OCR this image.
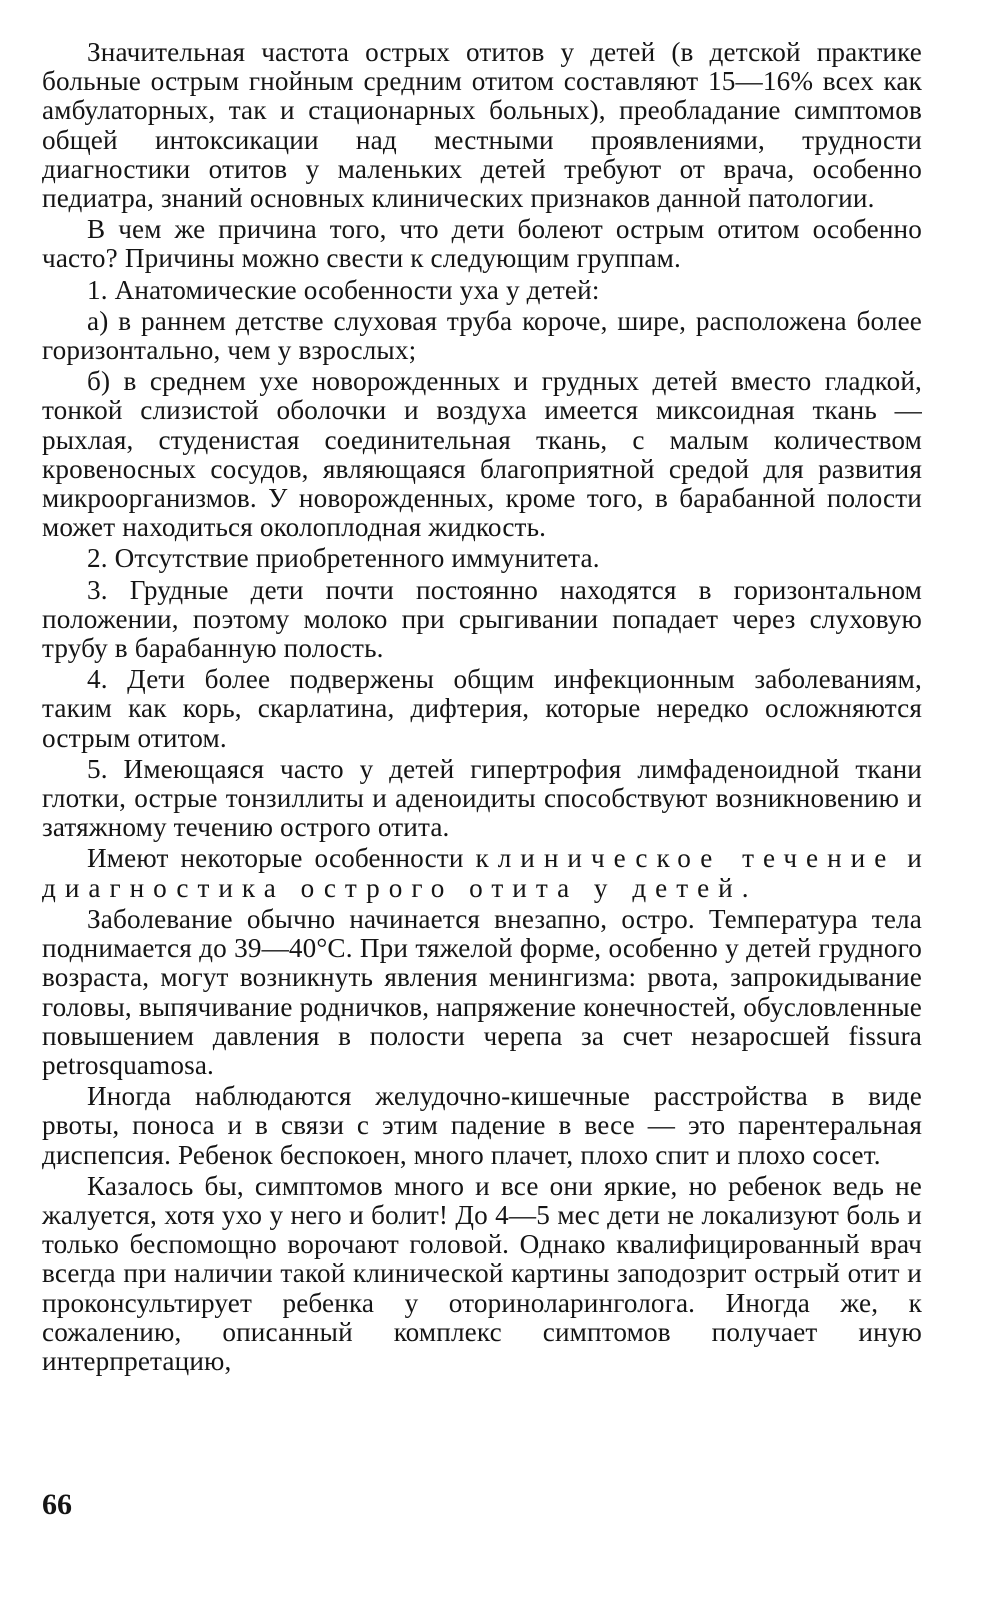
Значительная частота острых отитов у детей (в детской практике больные острым гнойным средним отитом составляют 15—16% всех как амбулаторных, так и стационарных больных), преобладание симптомов общей интоксикации над местными проявлениями, трудности диагностики отитов у маленьких детей требуют от врача, особенно педиатра, знаний основных клинических признаков данной патологии.

В чем же причина того, что дети болеют острым отитом особенно часто? Причины можно свести к следующим группам.

1. Анатомические особенности уха у детей:

а) в раннем детстве слуховая труба короче, шире, расположена более горизонтально, чем у взрослых;

б) в среднем ухе новорожденных и грудных детей вместо гладкой, тонкой слизистой оболочки и воздуха имеется миксоидная ткань — рыхлая, студенистая соединительная ткань, с малым количеством кровеносных сосудов, являющаяся благоприятной средой для развития микроорганизмов. У новорожденных, кроме того, в барабанной полости может находиться околоплодная жидкость.

2. Отсутствие приобретенного иммунитета.

3. Грудные дети почти постоянно находятся в горизонтальном положении, поэтому молоко при срыгивании попадает через слуховую трубу в барабанную полость.

4. Дети более подвержены общим инфекционным заболеваниям, таким как корь, скарлатина, дифтерия, которые нередко осложняются острым отитом.

5. Имеющаяся часто у детей гипертрофия лимфаденоидной ткани глотки, острые тонзиллиты и аденоидиты способствуют возникновению и затяжному течению острого отита.

Имеют некоторые особенности клиническое течение и диагностика острого отита у детей.

Заболевание обычно начинается внезапно, остро. Температура тела поднимается до 39—40°С. При тяжелой форме, особенно у детей грудного возраста, могут возникнуть явления менингизма: рвота, запрокидывание головы, выпячивание родничков, напряжение конечностей, обусловленные повышением давления в полости черепа за счет незаросшей fissura petrosquamosa.

Иногда наблюдаются желудочно-кишечные расстройства в виде рвоты, поноса и в связи с этим падение в весе — это парентеральная диспепсия. Ребенок беспокоен, много плачет, плохо спит и плохо сосет.

Казалось бы, симптомов много и все они яркие, но ребенок ведь не жалуется, хотя ухо у него и болит! До 4—5 мес дети не локализуют боль и только беспомощно ворочают головой. Однако квалифицированный врач всегда при наличии такой клинической картины заподозрит острый отит и проконсультирует ребенка у оториноларинголога. Иногда же, к сожалению, описанный комплекс симптомов получает иную интерпретацию,

66
